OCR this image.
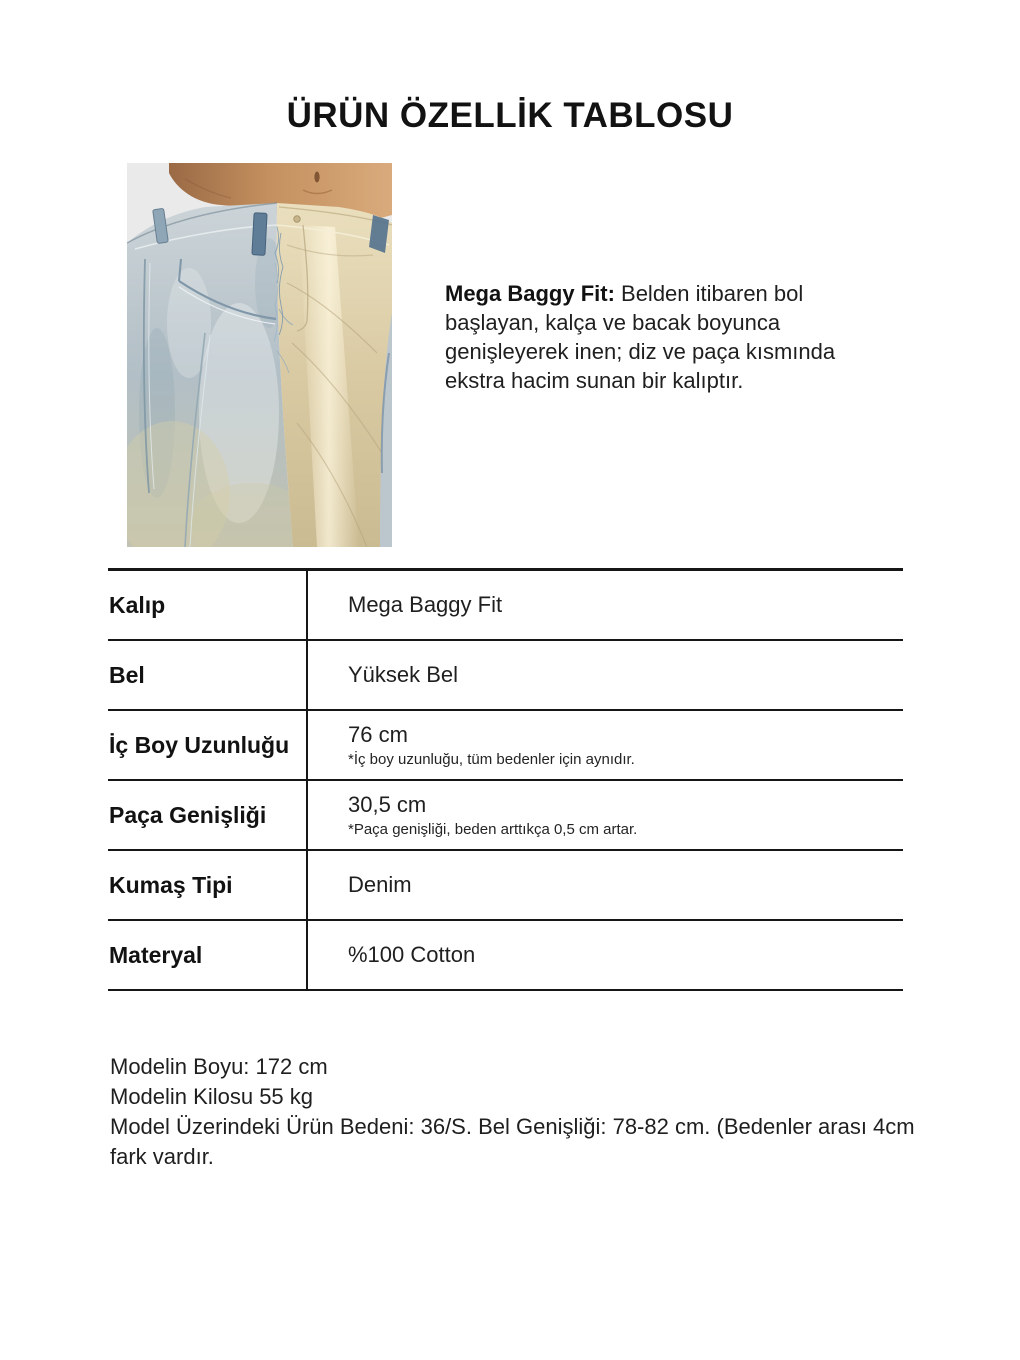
ÜRÜN ÖZELLİK TABLOSU
Mega Baggy Fit: Belden itibaren bol başlayan, kalça ve bacak boyunca genişleyerek inen; diz ve paça kısmında ekstra hacim sunan bir kalıptır.
Kalıp	Mega Baggy Fit
Bel	Yüksek Bel
İç Boy Uzunluğu	76 cm
*İç boy uzunluğu, tüm bedenler için aynıdır.
Paça Genişliği	30,5 cm
*Paça genişliği, beden arttıkça 0,5 cm artar.
Kumaş Tipi	Denim
Materyal	%100 Cotton
Modelin Boyu: 172 cm
Modelin Kilosu 55 kg
Model Üzerindeki Ürün Bedeni: 36/S. Bel Genişliği: 78-82 cm. (Bedenler arası 4cm fark vardır.
